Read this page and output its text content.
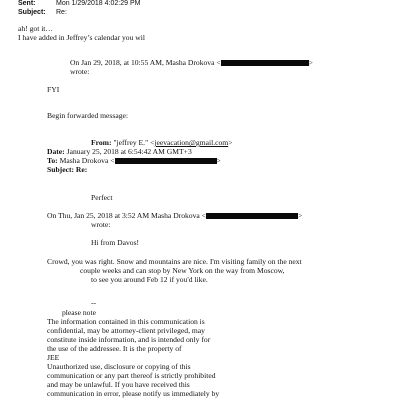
Sent:	Mon 1/29/2018 4:02:29 PM
Subject: Re:
ah! got it…
I have added in Jeffrey’s calendar you wil
On Jan 29, 2018, at 10:55 AM, Masha Drokova <	>
wrote:
FYI
Begin forwarded message:
From: "jeffrey E." <jeevacation@gmail.com>
Date: January 25, 2018 at 6:54:42 AM GMT+3
To: Masha Drokova <	>
Subject: Re:
Perfect
On Thu, Jan 25, 2018 at 3:52 AM Masha Drokova <	>
wrote:
Hi from Davos!
Crowd, you was right. Snow and mountains are nice. I'm visiting family on the next
couple weeks and can stop by New York on the way from Moscow,
to see you around Feb 12 if you'd like.
--
please note
The information contained in this communication is
confidential, may be attorney-client privileged, may
constitute inside information, and is intended only for
the use of the addressee. It is the property of
JEE
Unauthorized use, disclosure or copying of this
communication or any part thereof is strictly prohibited
and may be unlawful. If you have received this
communication in error, please notify us immediately by
